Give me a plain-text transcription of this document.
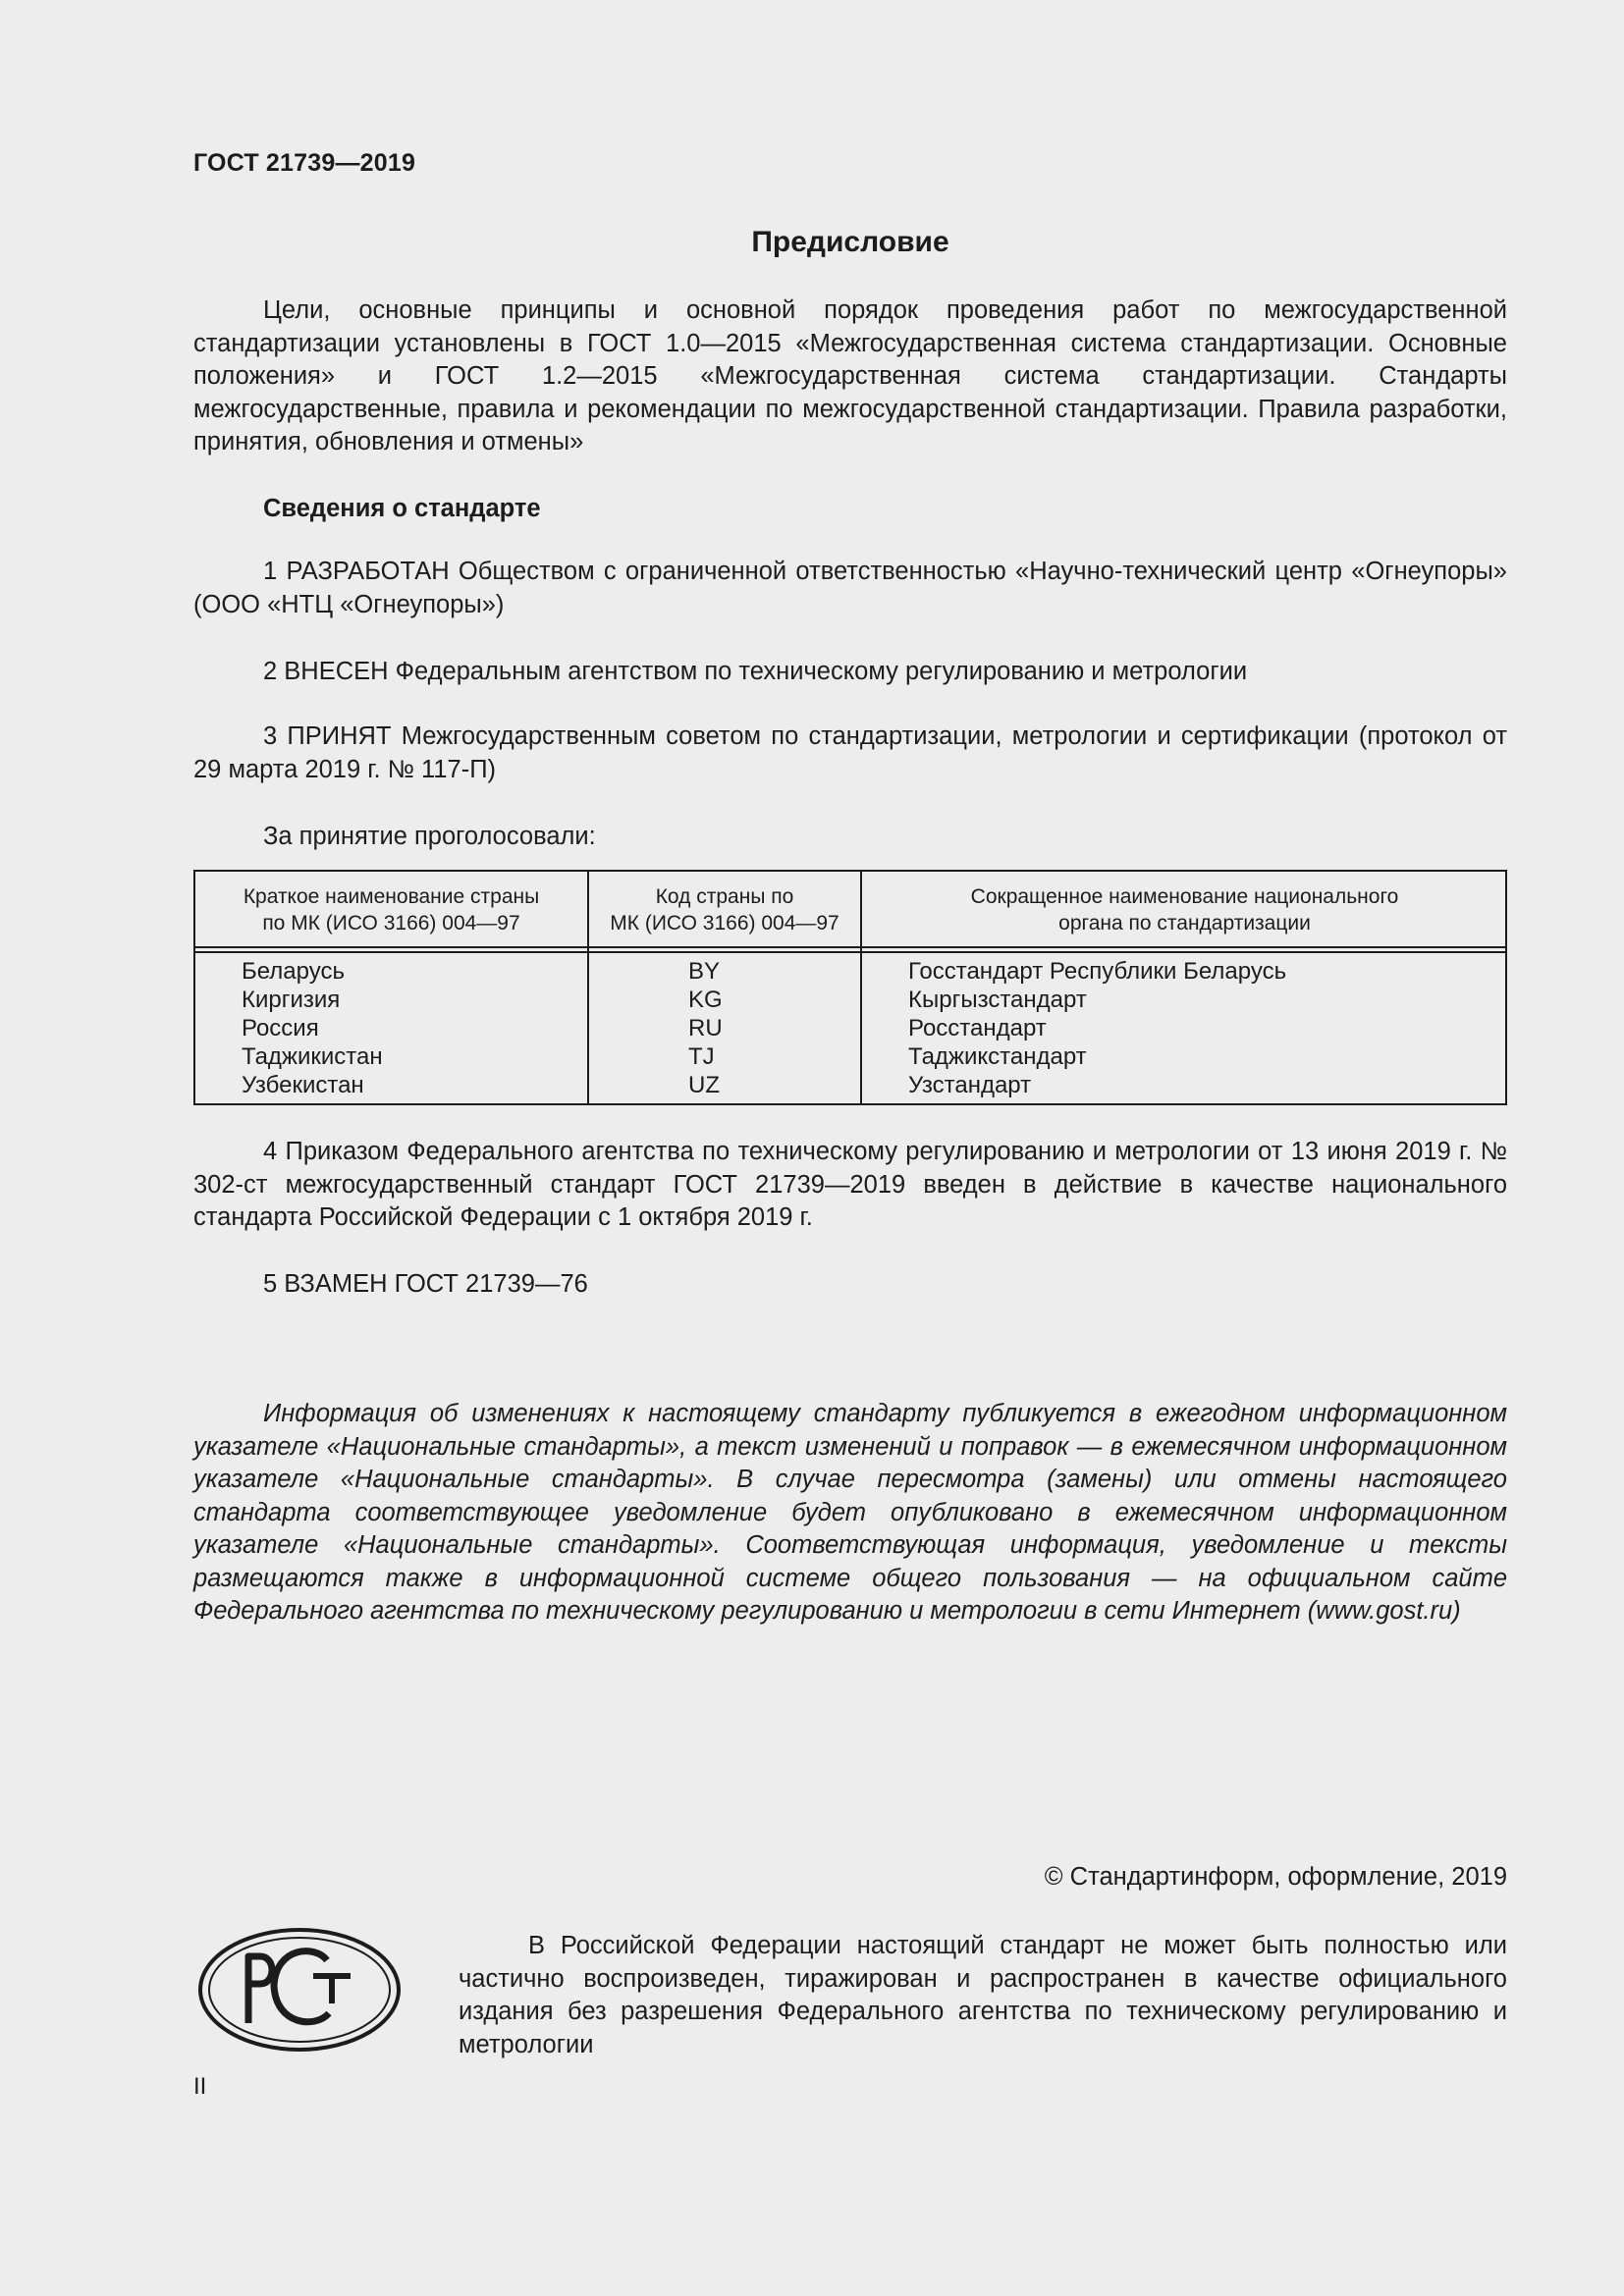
ГОСТ 21739—2019
Предисловие
Цели, основные принципы и основной порядок проведения работ по межгосударственной стандартизации установлены в ГОСТ 1.0—2015 «Межгосударственная система стандартизации. Основные положения» и ГОСТ 1.2—2015 «Межгосударственная система стандартизации. Стандарты межгосударственные, правила и рекомендации по межгосударственной стандартизации. Правила разработки, принятия, обновления и отмены»
Сведения о стандарте
1 РАЗРАБОТАН Обществом с ограниченной ответственностью «Научно-технический центр «Огнеупоры» (ООО «НТЦ «Огнеупоры»)
2 ВНЕСЕН Федеральным агентством по техническому регулированию и метрологии
3 ПРИНЯТ Межгосударственным советом по стандартизации, метрологии и сертификации (протокол от 29 марта 2019 г. № 117-П)
За принятие проголосовали:
Краткое наименование страны
по МК (ИСО 3166) 004—97
Код страны по
МК (ИСО 3166) 004—97
Сокращенное наименование национального
органа по стандартизации
Беларусь
Киргизия
Россия
Таджикистан
Узбекистан
BY
KG
RU
TJ
UZ
Госстандарт Республики Беларусь
Кыргызстандарт
Росстандарт
Таджикстандарт
Узстандарт
4 Приказом Федерального агентства по техническому регулированию и метрологии от 13 июня 2019 г. № 302-ст межгосударственный стандарт ГОСТ 21739—2019 введен в действие в качестве национального стандарта Российской Федерации с 1 октября 2019 г.
5 ВЗАМЕН ГОСТ 21739—76
Информация об изменениях к настоящему стандарту публикуется в ежегодном информационном указателе «Национальные стандарты», а текст изменений и поправок — в ежемесячном информационном указателе «Национальные стандарты». В случае пересмотра (замены) или отмены настоящего стандарта соответствующее уведомление будет опубликовано в ежемесячном информационном указателе «Национальные стандарты». Соответствующая информация, уведомление и тексты размещаются также в информационной системе общего пользования — на официальном сайте Федерального агентства по техническому регулированию и метрологии в сети Интернет (www.gost.ru)
© Стандартинформ, оформление, 2019
В Российской Федерации настоящий стандарт не может быть полностью или частично воспроизведен, тиражирован и распространен в качестве официального издания без разрешения Федерального агентства по техническому регулированию и метрологии
II
